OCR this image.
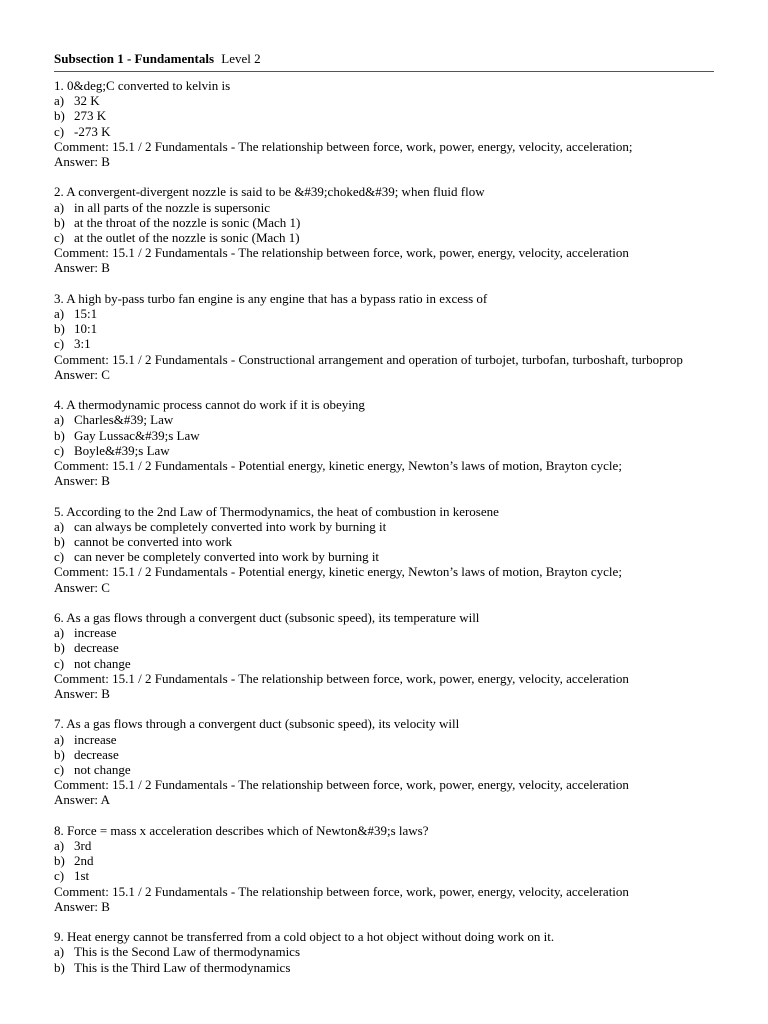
Subsection 1 - Fundamentals Level 2
1. 0&deg;C converted to kelvin is
a) 32 K
b) 273 K
c) -273 K
Comment: 15.1 / 2 Fundamentals - The relationship between force, work, power, energy, velocity, acceleration;
Answer: B
2. A convergent-divergent nozzle is said to be &#39;choked&#39; when fluid flow
a) in all parts of the nozzle is supersonic
b) at the throat of the nozzle is sonic (Mach 1)
c) at the outlet of the nozzle is sonic (Mach 1)
Comment: 15.1 / 2 Fundamentals - The relationship between force, work, power, energy, velocity, acceleration
Answer: B
3. A high by-pass turbo fan engine is any engine that has a bypass ratio in excess of
a) 15:1
b) 10:1
c) 3:1
Comment: 15.1 / 2 Fundamentals - Constructional arrangement and operation of turbojet, turbofan, turboshaft, turboprop
Answer: C
4. A thermodynamic process cannot do work if it is obeying
a) Charles&#39; Law
b) Gay Lussac&#39;s Law
c) Boyle&#39;s Law
Comment: 15.1 / 2 Fundamentals - Potential energy, kinetic energy, Newton’s laws of motion, Brayton cycle;
Answer: B
5. According to the 2nd Law of Thermodynamics, the heat of combustion in kerosene
a) can always be completely converted into work by burning it
b) cannot be converted into work
c) can never be completely converted into work by burning it
Comment: 15.1 / 2 Fundamentals - Potential energy, kinetic energy, Newton’s laws of motion, Brayton cycle;
Answer: C
6. As a gas flows through a convergent duct (subsonic speed), its temperature will
a) increase
b) decrease
c) not change
Comment: 15.1 / 2 Fundamentals - The relationship between force, work, power, energy, velocity, acceleration
Answer: B
7. As a gas flows through a convergent duct (subsonic speed), its velocity will
a) increase
b) decrease
c) not change
Comment: 15.1 / 2 Fundamentals - The relationship between force, work, power, energy, velocity, acceleration
Answer: A
8. Force = mass x acceleration describes which of Newton&#39;s laws?
a) 3rd
b) 2nd
c) 1st
Comment: 15.1 / 2 Fundamentals - The relationship between force, work, power, energy, velocity, acceleration
Answer: B
9. Heat energy cannot be transferred from a cold object to a hot object without doing work on it.
a) This is the Second Law of thermodynamics
b) This is the Third Law of thermodynamics
